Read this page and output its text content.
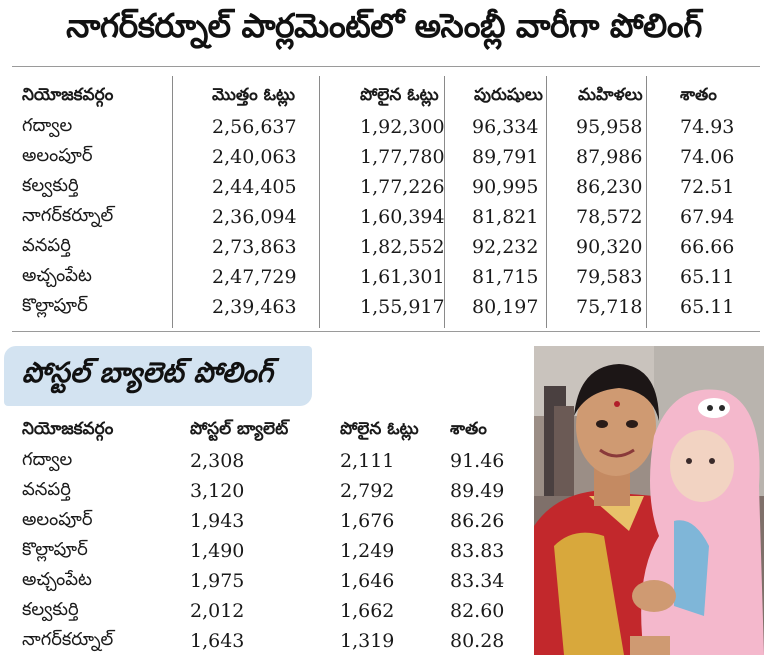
నాగర్‌కర్నూల్ పార్లమెంట్‌లో అసెంబ్లీ వారీగా పోలింగ్
నియోజకవర్గం	మొత్తం ఓట్లు	పోలైన ఓట్లు	పురుషులు	మహిళలు	శాతం
గద్వాల	2,56,637	1,92,300	96,334	95,958	74.93
అలంపూర్	2,40,063	1,77,780	89,791	87,986	74.06
కల్వకుర్తి	2,44,405	1,77,226	90,995	86,230	72.51
నాగర్‌కర్నూల్	2,36,094	1,60,394	81,821	78,572	67.94
వనపర్తి	2,73,863	1,82,552	92,232	90,320	66.66
అచ్చంపేట	2,47,729	1,61,301	81,715	79,583	65.11
కొల్లాపూర్	2,39,463	1,55,917	80,197	75,718	65.11
పోస్టల్ బ్యాలెట్ పోలింగ్
నియోజకవర్గం	పోస్టల్ బ్యాలెట్	పోలైన ఓట్లు	శాతం
గద్వాల	2,308	2,111	91.46
వనపర్తి	3,120	2,792	89.49
అలంపూర్	1,943	1,676	86.26
కొల్లాపూర్	1,490	1,249	83.83
అచ్చంపేట	1,975	1,646	83.34
కల్వకుర్తి	2,012	1,662	82.60
నాగర్‌కర్నూల్	1,643	1,319	80.28
